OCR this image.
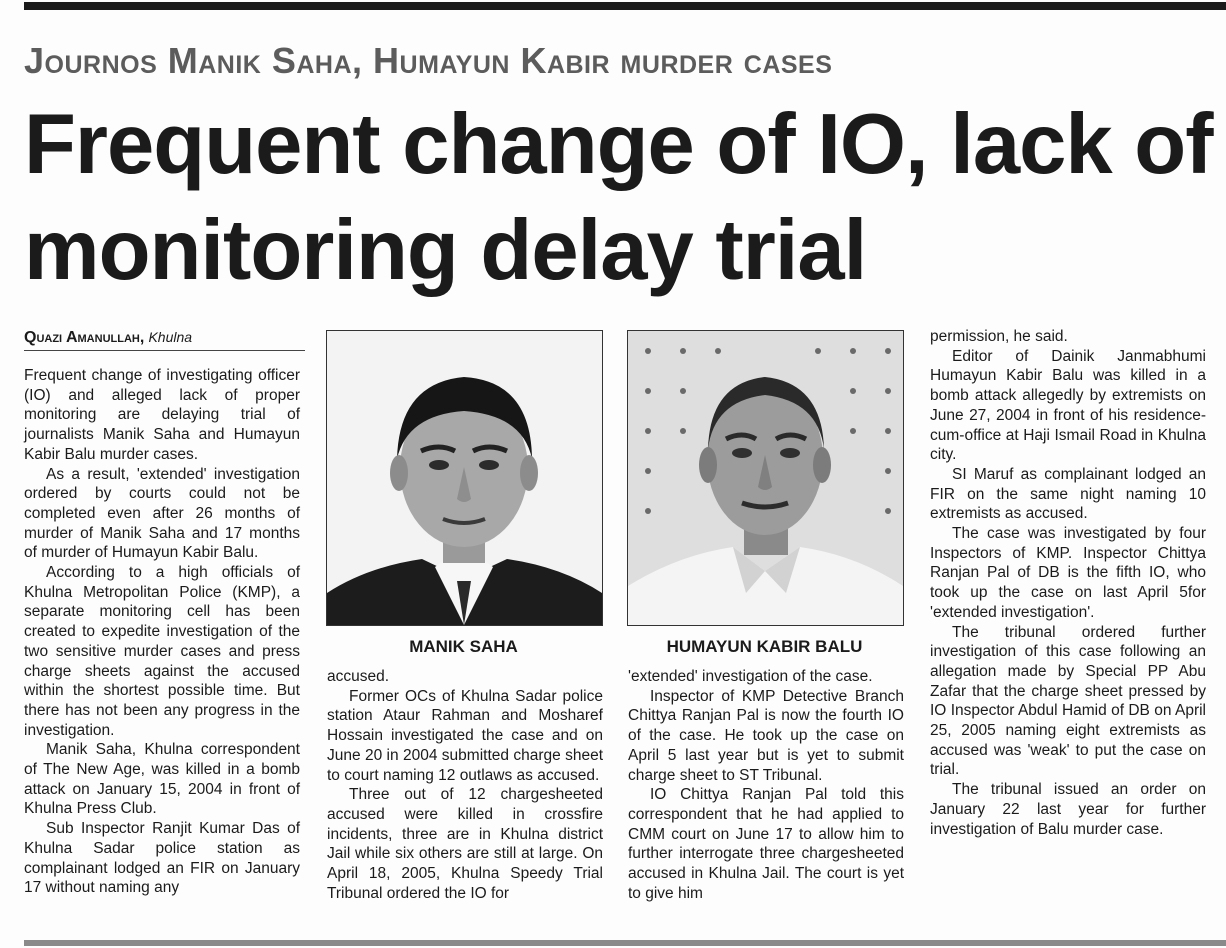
Journos Manik Saha, Humayun Kabir murder cases
Frequent change of IO, lack of monitoring delay trial
Quazi Amanullah, Khulna

Frequent change of investigating officer (IO) and alleged lack of proper monitoring are delaying trial of journalists Manik Saha and Humayun Kabir Balu murder cases.

As a result, 'extended' investigation ordered by courts could not be completed even after 26 months of murder of Manik Saha and 17 months of murder of Humayun Kabir Balu.

According to a high officials of Khulna Metropolitan Police (KMP), a separate monitoring cell has been created to expedite investigation of the two sensitive murder cases and press charge sheets against the accused within the shortest possible time. But there has not been any progress in the investigation.

Manik Saha, Khulna correspondent of The New Age, was killed in a bomb attack on January 15, 2004 in front of Khulna Press Club.

Sub Inspector Ranjit Kumar Das of Khulna Sadar police station as complainant lodged an FIR on January 17 without naming any

MANIK SAHA	HUMAYUN KABIR BALU

accused.

Former OCs of Khulna Sadar police station Ataur Rahman and Mosharef Hossain investigated the case and on June 20 in 2004 submitted charge sheet to court naming 12 outlaws as accused.

Three out of 12 chargesheeted accused were killed in crossfire incidents, three are in Khulna district Jail while six others are still at large. On April 18, 2005, Khulna Speedy Trial Tribunal ordered the IO for

'extended' investigation of the case.

Inspector of KMP Detective Branch Chittya Ranjan Pal is now the fourth IO of the case. He took up the case on April 5 last year but is yet to submit charge sheet to ST Tribunal.

IO Chittya Ranjan Pal told this correspondent that he had applied to CMM court on June 17 to allow him to further interrogate three chargesheeted accused in Khulna Jail. The court is yet to give him

permission, he said.

Editor of Dainik Janmabhumi Humayun Kabir Balu was killed in a bomb attack allegedly by extremists on June 27, 2004 in front of his residence-cum-office at Haji Ismail Road in Khulna city.

SI Maruf as complainant lodged an FIR on the same night naming 10 extremists as accused.

The case was investigated by four Inspectors of KMP. Inspector Chittya Ranjan Pal of DB is the fifth IO, who took up the case on last April 5for 'extended investigation'.

The tribunal ordered further investigation of this case following an allegation made by Special PP Abu Zafar that the charge sheet pressed by IO Inspector Abdul Hamid of DB on April 25, 2005 naming eight extremists as accused was 'weak' to put the case on trial.

The tribunal issued an order on January 22 last year for further investigation of Balu murder case.
